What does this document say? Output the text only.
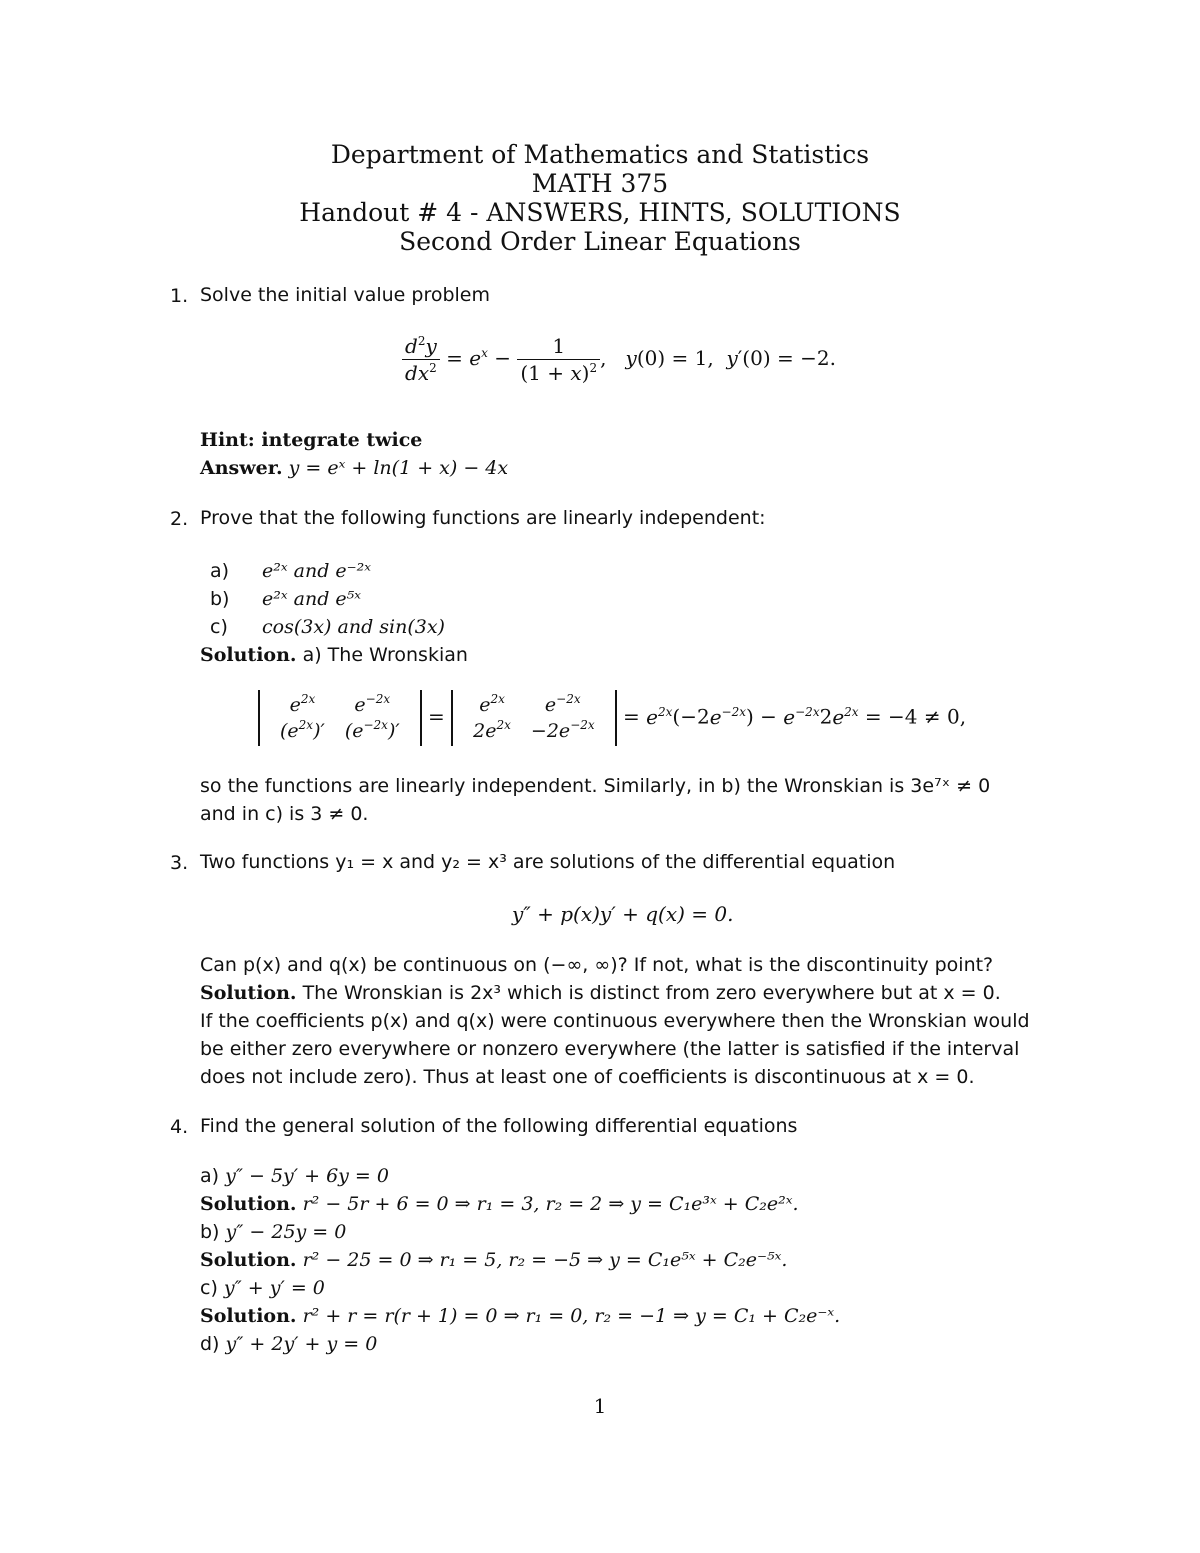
Department of Mathematics and Statistics
MATH 375
Handout # 4 - ANSWERS, HINTS, SOLUTIONS
Second Order Linear Equations
1. Solve the initial value problem
$\frac{d^2y}{dx^2} = e^x - \frac{1}{(1 + x)^2}$ ,   y(0) = 1,  y′(0) = −2.
Hint: integrate twice
Answer. y = eˣ + ln(1 + x) − 4x
2. Prove that the following functions are linearly independent:
a) e²ˣ and e⁻²ˣ
b) e²ˣ and e⁵ˣ
c) cos(3x) and sin(3x)
Solution. a) The Wronskian
$e^{2x}$	$e^{-2x}$
$(e^{2x})'$	$(e^{-2x})'$
= $e^{2x}$	$e^{-2x}$
$2e^{2x}$	$-2e^{-2x} = e^{2x}(-2e^{-2x}) - e^{-2x}2e^{2x} = -4 \ne 0$,
so the functions are linearly independent. Similarly, in b) the Wronskian is 3e⁷ˣ ≠ 0
and in c) is 3 ≠ 0.
3. Two functions y₁ = x and y₂ = x³ are solutions of the differential equation
y″ + p(x)y′ + q(x) = 0.
Can p(x) and q(x) be continuous on (−∞, ∞)? If not, what is the discontinuity point?
Solution. The Wronskian is 2x³ which is distinct from zero everywhere but at x = 0.
If the coefficients p(x) and q(x) were continuous everywhere then the Wronskian would
be either zero everywhere or nonzero everywhere (the latter is satisfied if the interval
does not include zero). Thus at least one of coefficients is discontinuous at x = 0.
4. Find the general solution of the following differential equations
a) y″ − 5y′ + 6y = 0
Solution. r² − 5r + 6 = 0 ⇒ r₁ = 3, r₂ = 2 ⇒ y = C₁e³ˣ + C₂e²ˣ.
b) y″ − 25y = 0
Solution. r² − 25 = 0 ⇒ r₁ = 5, r₂ = −5 ⇒ y = C₁e⁵ˣ + C₂e⁻⁵ˣ.
c) y″ + y′ = 0
Solution. r² + r = r(r + 1) = 0 ⇒ r₁ = 0, r₂ = −1 ⇒ y = C₁ + C₂e⁻ˣ.
d) y″ + 2y′ + y = 0
1
